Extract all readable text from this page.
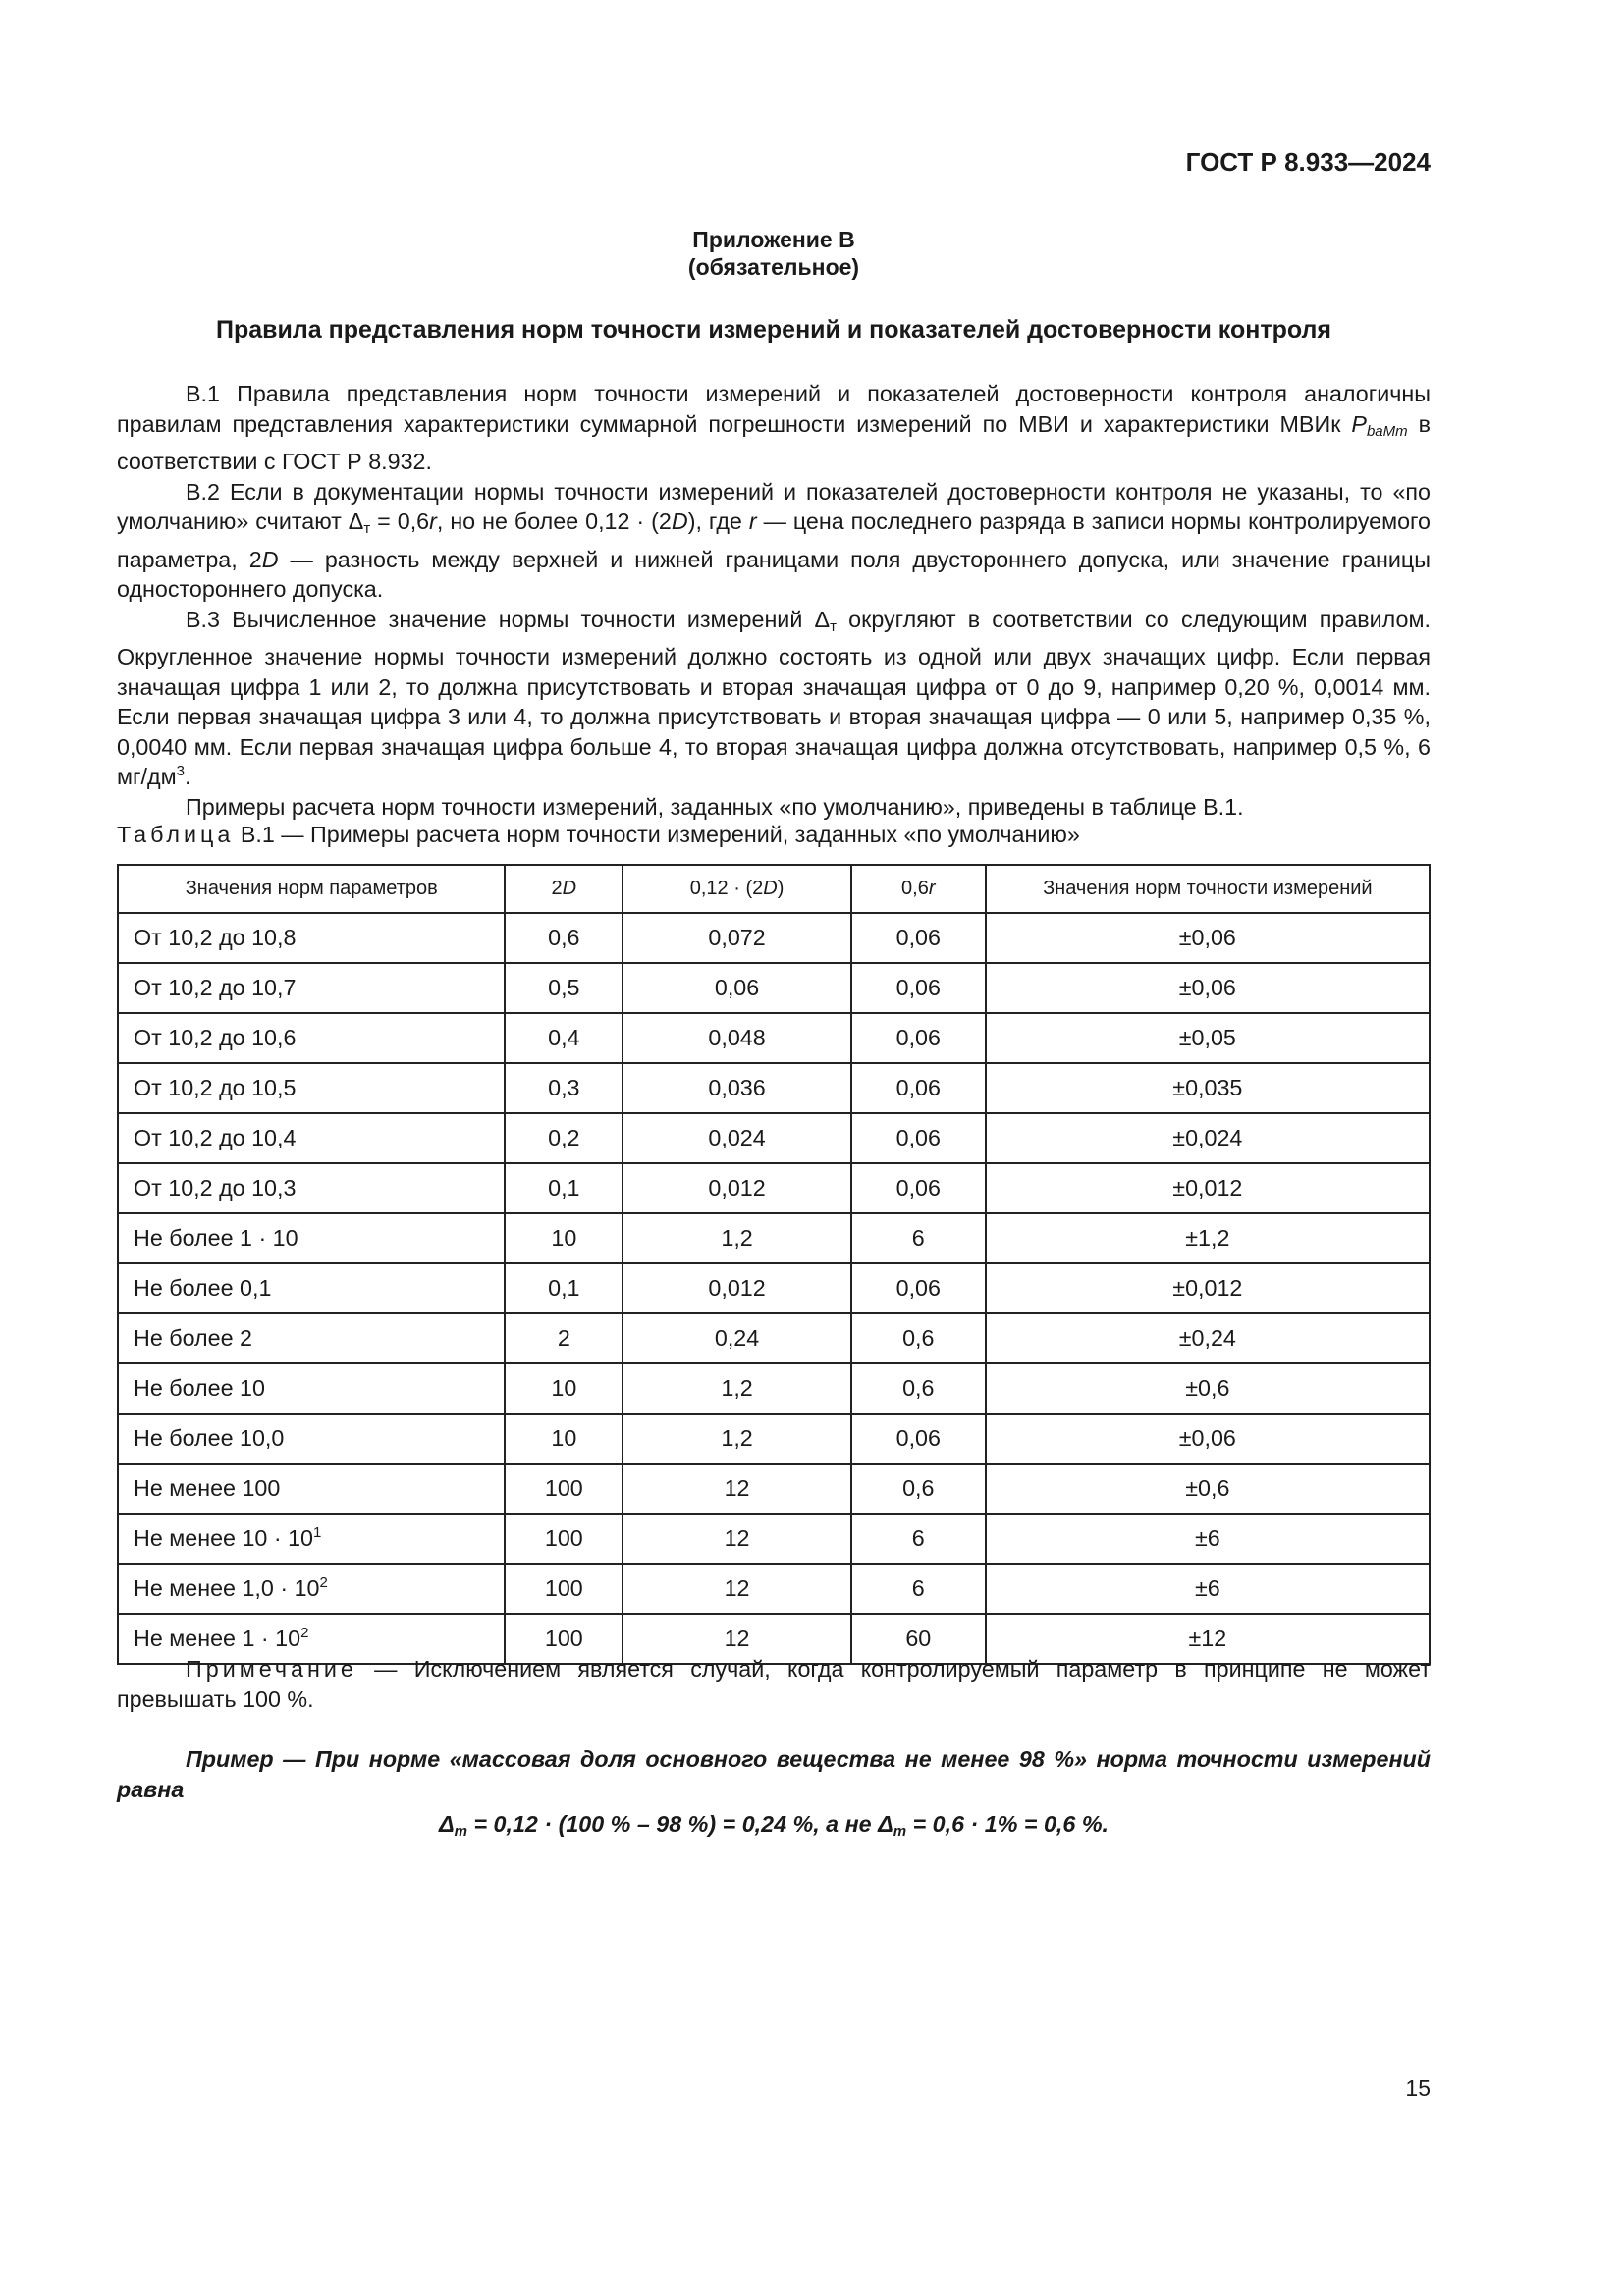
ГОСТ Р 8.933—2024
Приложение В
(обязательное)
Правила представления норм точности измерений и показателей достоверности контроля

В.1 Правила представления норм точности измерений и показателей достоверности контроля аналогичны правилам представления характеристики суммарной погрешности измерений по МВИ и характеристики МВИк $P_{baMm}$ в соответствии с ГОСТ Р 8.932.

В.2 Если в документации нормы точности измерений и показателей достоверности контроля не указаны, то «по умолчанию» считают $\Delta_т = 0,6r$, но не более 0,12 · (2D), где r — цена последнего разряда в записи нормы контролируемого параметра, 2D — разность между верхней и нижней границами поля двустороннего допуска, или значение границы одностороннего допуска.

В.3 Вычисленное значение нормы точности измерений $\Delta_т$ округляют в соответствии со следующим правилом. Округленное значение нормы точности измерений должно состоять из одной или двух значащих цифр. Если первая значащая цифра 1 или 2, то должна присутствовать и вторая значащая цифра от 0 до 9, например 0,20 %, 0,0014 мм. Если первая значащая цифра 3 или 4, то должна присутствовать и вторая значащая цифра — 0 или 5, например 0,35 %, 0,0040 мм. Если первая значащая цифра больше 4, то вторая значащая цифра должна отсутствовать, например 0,5 %, 6 $мг/дм^3$.

Примеры расчета норм точности измерений, заданных «по умолчанию», приведены в таблице В.1.

Таблица В.1 — Примеры расчета норм точности измерений, заданных «по умолчанию»
Значения норм параметров	2D	0,12 · (2D)	0,6r	Значения норм точности измерений
От 10,2 до 10,8	0,6	0,072	0,06	±0,06
От 10,2 до 10,7	0,5	0,06	0,06	±0,06
От 10,2 до 10,6	0,4	0,048	0,06	±0,05
От 10,2 до 10,5	0,3	0,036	0,06	±0,035
От 10,2 до 10,4	0,2	0,024	0,06	±0,024
От 10,2 до 10,3	0,1	0,012	0,06	±0,012
Не более 1 · 10	10	1,2	6	±1,2
Не более 0,1	0,1	0,012	0,06	±0,012
Не более 2	2	0,24	0,6	±0,24
Не более 10	10	1,2	0,6	±0,6
Не более 10,0	10	1,2	0,06	±0,06
Не менее 100	100	12	0,6	±0,6
Не менее $10 \cdot 10^1$	100	12	6	±6
Не менее $1,0 \cdot 10^2$	100	12	6	±6
Не менее $1 \cdot 10^2$	100	12	60	±12
Примечание — Исключением является случай, когда контролируемый параметр в принципе не может превышать 100 %.

Пример — При норме «массовая доля основного вещества не менее 98 %» норма точности измерений равна

$\Delta_m = 0,12 \cdot (100$ % – 98 %) = 0,24 %, а не $\Delta_m = 0,6 \cdot 1\% = 0,6$ %.

15
